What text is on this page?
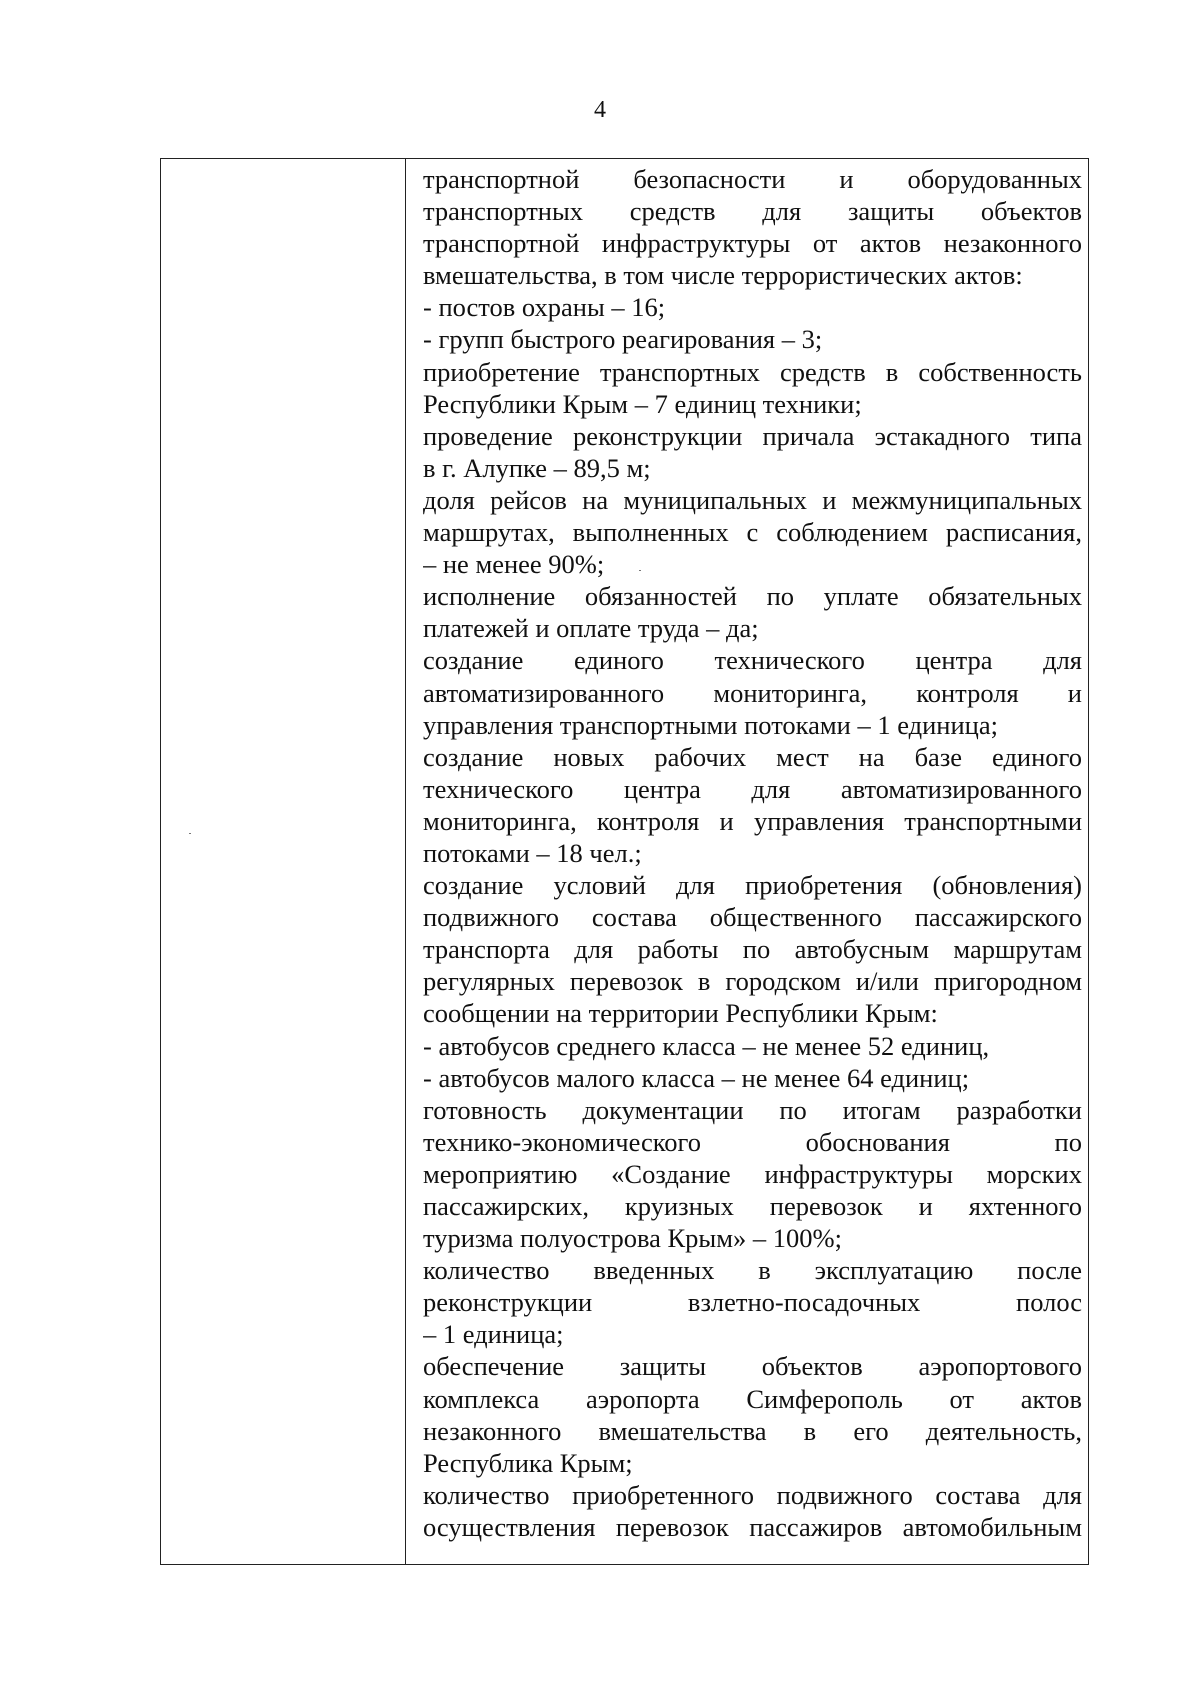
4
транспортной безопасности и оборудованных
транспортных средств для защиты объектов
транспортной инфраструктуры от актов незаконного
вмешательства, в том числе террористических актов:
- постов охраны – 16;
- групп быстрого реагирования – 3;
приобретение транспортных средств в собственность
Республики Крым – 7 единиц техники;
проведение реконструкции причала эстакадного типа
в г. Алупке – 89,5 м;
доля рейсов на муниципальных и межмуниципальных
маршрутах, выполненных с соблюдением расписания,
– не менее 90%;
исполнение обязанностей по уплате обязательных
платежей и оплате труда – да;
создание единого технического центра для
автоматизированного мониторинга, контроля и
управления транспортными потоками – 1 единица;
создание новых рабочих мест на базе единого
технического центра для автоматизированного
мониторинга, контроля и управления транспортными
потоками – 18 чел.;
создание условий для приобретения (обновления)
подвижного состава общественного пассажирского
транспорта для работы по автобусным маршрутам
регулярных перевозок в городском и/или пригородном
сообщении на территории Республики Крым:
- автобусов среднего класса – не менее 52 единиц,
- автобусов малого класса – не менее 64 единиц;
готовность документации по итогам разработки
технико-экономического обоснования по
мероприятию «Создание инфраструктуры морских
пассажирских, круизных перевозок и яхтенного
туризма полуострова Крым» – 100%;
количество введенных в эксплуатацию после
реконструкции взлетно-посадочных полос
– 1 единица;
обеспечение защиты объектов аэропортового
комплекса аэропорта Симферополь от актов
незаконного вмешательства в его деятельность,
Республика Крым;
количество приобретенного подвижного состава для
осуществления перевозок пассажиров автомобильным
